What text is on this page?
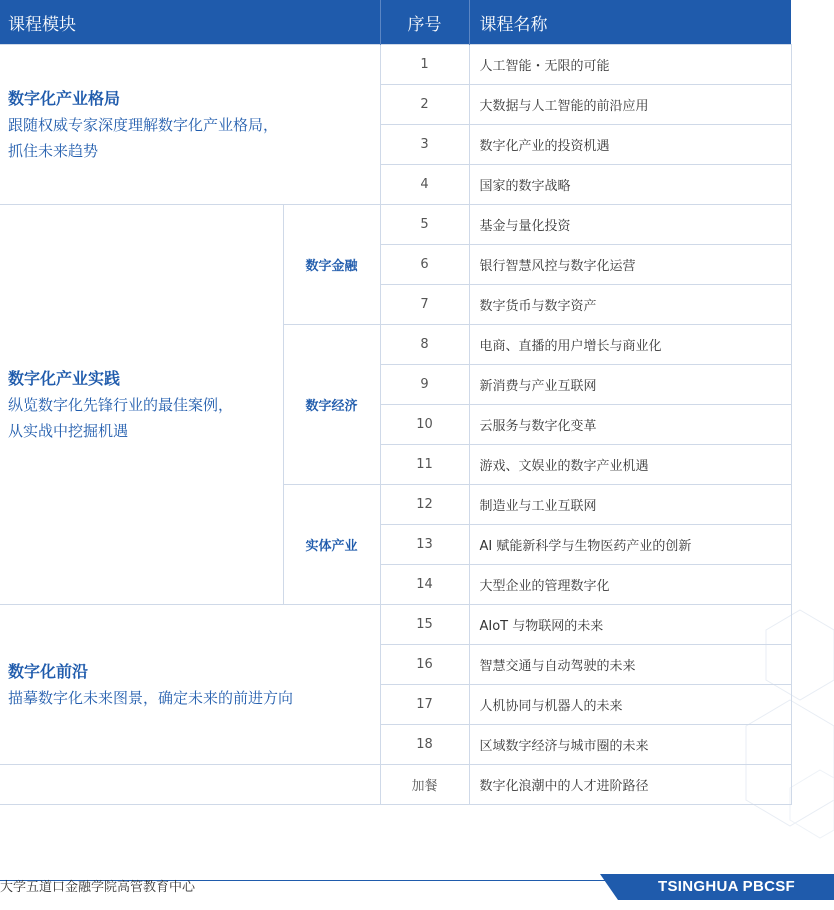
课程模块		序号	课程名称

数字化产业格局
跟随权威专家深度理解数字化产业格局，
抓住未来趋势		1	人工智能・无限的可能
		2	大数据与人工智能的前沿应用
		3	数字化产业的投资机遇
		4	国家的数字战略

数字化产业实践
纵览数字化先锋行业的最佳案例，
从实战中挖掘机遇	数字金融	5	基金与量化投资
		6	银行智慧风控与数字化运营
		7	数字货币与数字资产
	数字经济	8	电商、直播的用户增长与商业化
		9	新消费与产业互联网
		10	云服务与数字化变革
		11	游戏、文娱业的数字产业机遇
	实体产业	12	制造业与工业互联网
		13	AI 赋能新科学与生物医药产业的创新
		14	大型企业的管理数字化

数字化前沿
描摹数字化未来图景，确定未来的前进方向		15	AIoT 与物联网的未来
		16	智慧交通与自动驾驶的未来
		17	人机协同与机器人的未来
		18	区域数字经济与城市圈的未来
		加餐	数字化浪潮中的人才进阶路径
大学五道口金融学院高管教育中心	TSINGHUA PBCSF
